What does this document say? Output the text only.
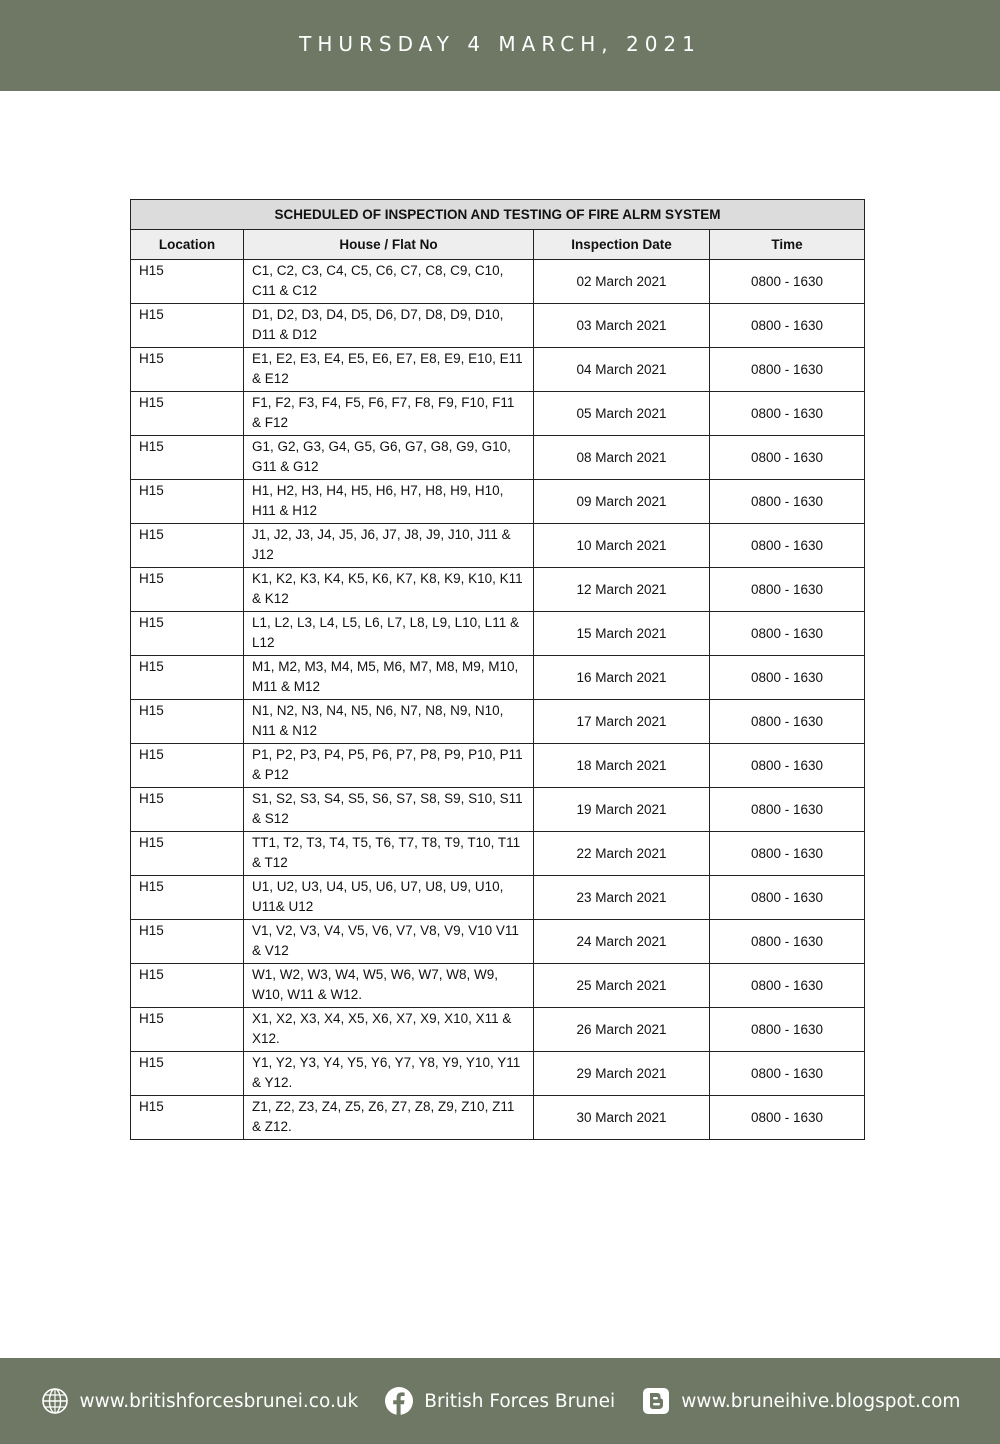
THURSDAY 4 MARCH, 2021
SCHEDULED OF INSPECTION AND TESTING OF FIRE ALRM SYSTEM			
Location	House / Flat No	Inspection Date	Time
H15	C1, C2, C3, C4, C5, C6, C7, C8, C9, C10, C11 & C12	02 March 2021	0800 - 1630
H15	D1, D2, D3, D4, D5, D6, D7, D8, D9, D10, D11 & D12	03 March 2021	0800 - 1630
H15	E1, E2, E3, E4, E5, E6, E7, E8, E9, E10, E11 & E12	04 March 2021	0800 - 1630
H15	F1, F2, F3, F4, F5, F6, F7, F8, F9, F10, F11 & F12	05 March 2021	0800 - 1630
H15	G1, G2, G3, G4, G5, G6, G7, G8, G9, G10, G11 & G12	08 March 2021	0800 - 1630
H15	H1, H2, H3, H4, H5, H6, H7, H8, H9, H10, H11 & H12	09 March 2021	0800 - 1630
H15	J1, J2, J3, J4, J5, J6, J7, J8, J9, J10, J11 & J12	10 March 2021	0800 - 1630
H15	K1, K2, K3, K4, K5, K6, K7, K8, K9, K10, K11 & K12	12 March 2021	0800 - 1630
H15	L1, L2, L3, L4, L5, L6, L7, L8, L9, L10, L11 & L12	15 March 2021	0800 - 1630
H15	M1, M2, M3, M4, M5, M6, M7, M8, M9, M10, M11 & M12	16 March 2021	0800 - 1630
H15	N1, N2, N3, N4, N5, N6, N7, N8, N9, N10, N11 & N12	17 March 2021	0800 - 1630
H15	P1, P2, P3, P4, P5, P6, P7, P8, P9, P10, P11 & P12	18 March 2021	0800 - 1630
H15	S1, S2, S3, S4, S5, S6, S7, S8, S9, S10, S11 & S12	19 March 2021	0800 - 1630
H15	TT1, T2, T3, T4, T5, T6, T7, T8, T9, T10, T11 & T12	22 March 2021	0800 - 1630
H15	U1, U2, U3, U4, U5, U6, U7, U8, U9, U10, U11& U12	23 March 2021	0800 - 1630
H15	V1, V2, V3, V4, V5, V6, V7, V8, V9, V10 V11 & V12	24 March 2021	0800 - 1630
H15	W1, W2, W3, W4, W5, W6, W7, W8, W9, W10, W11 & W12.	25 March 2021	0800 - 1630
H15	X1, X2, X3, X4, X5, X6, X7, X9, X10, X11 & X12.	26 March 2021	0800 - 1630
H15	Y1, Y2, Y3, Y4, Y5, Y6, Y7, Y8, Y9, Y10, Y11 & Y12.	29 March 2021	0800 - 1630
H15	Z1, Z2, Z3, Z4, Z5, Z6, Z7, Z8, Z9, Z10, Z11 & Z12.	30 March 2021	0800 - 1630
www.britishforcesbrunei.co.uk	British Forces Brunei	www.bruneihive.blogspot.com
